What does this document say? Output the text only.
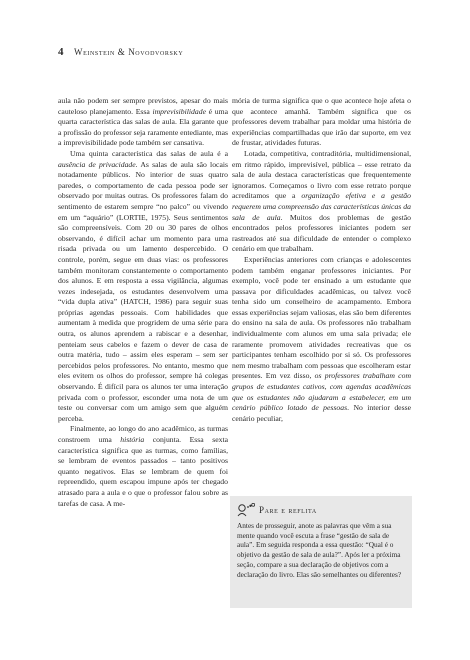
4 Weinstein & Novodvorsky

aula não podem ser sempre previstos, apesar do mais cauteloso planejamento. Essa imprevisibilidade é uma quarta característica das salas de aula. Ela garante que a profissão do professor seja raramente entediante, mas a imprevisibilidade pode também ser cansativa.

Uma quinta característica das salas de aula é a ausência de privacidade. As salas de aula são locais notadamente públicos. No interior de suas quatro paredes, o comportamento de cada pessoa pode ser observado por muitas outras. Os professores falam do sentimento de estarem sempre “no palco” ou vivendo em um “aquário” (LORTIE, 1975). Seus sentimentos são compreensíveis. Com 20 ou 30 pares de olhos observando, é difícil achar um momento para uma risada privada ou um lamento despercebido. O controle, porém, segue em duas vias: os professores também monitoram constantemente o comportamento dos alunos. E em resposta a essa vigilância, algumas vezes indesejada, os estudantes desenvolvem uma “vida dupla ativa” (HATCH, 1986) para seguir suas próprias agendas pessoais. Com habilidades que aumentam à medida que progridem de uma série para outra, os alunos aprendem a rabiscar e a desenhar, penteiam seus cabelos e fazem o dever de casa de outra matéria, tudo – assim eles esperam – sem ser percebidos pelos professores. No entanto, mesmo que eles evitem os olhos do professor, sempre há colegas observando. É difícil para os alunos ter uma interação privada com o professor, esconder uma nota de um teste ou conversar com um amigo sem que alguém perceba.

Finalmente, ao longo do ano acadêmico, as turmas constroem uma história conjunta. Essa sexta característica significa que as turmas, como famílias, se lembram de eventos passados – tanto positivos quanto negativos. Elas se lembram de quem foi repreendido, quem escapou impune após ter chegado atrasado para a aula e o que o professor falou sobre as tarefas de casa. A me-

mória de turma significa que o que acontece hoje afeta o que acontece amanhã. Também significa que os professores devem trabalhar para moldar uma história de experiências compartilhadas que irão dar suporte, em vez de frustar, atividades futuras.

Lotada, competitiva, contraditória, multidimensional, em ritmo rápido, imprevisível, pública – esse retrato da sala de aula destaca características que frequentemente ignoramos. Começamos o livro com esse retrato porque acreditamos que a organização efetiva e a gestão requerem uma compreensão das características únicas da sala de aula. Muitos dos problemas de gestão encontrados pelos professores iniciantes podem ser rastreados até sua dificuldade de entender o complexo cenário em que trabalham.

Experiências anteriores com crianças e adolescentes podem também enganar professores iniciantes. Por exemplo, você pode ter ensinado a um estudante que passava por dificuldades acadêmicas, ou talvez você tenha sido um conselheiro de acampamento. Embora essas experiências sejam valiosas, elas são bem diferentes do ensino na sala de aula. Os professores não trabalham individualmente com alunos em uma sala privada; ele raramente promovem atividades recreativas que os participantes tenham escolhido por si só. Os professores nem mesmo trabalham com pessoas que escolheram estar presentes. Em vez disso, os professores trabalham com grupos de estudantes cativos, com agendas acadêmicas que os estudantes não ajudaram a estabelecer, em um cenário público lotado de pessoas. No interior desse cenário peculiar,

Pare e reflita

Antes de prosseguir, anote as palavras que vêm a sua mente quando você escuta a frase “gestão de sala de aula”. Em seguida responda a essa questão: “Qual é o objetivo da gestão de sala de aula?”. Após ler a próxima seção, compare a sua declaração de objetivos com a declaração do livro. Elas são semelhantes ou diferentes?
